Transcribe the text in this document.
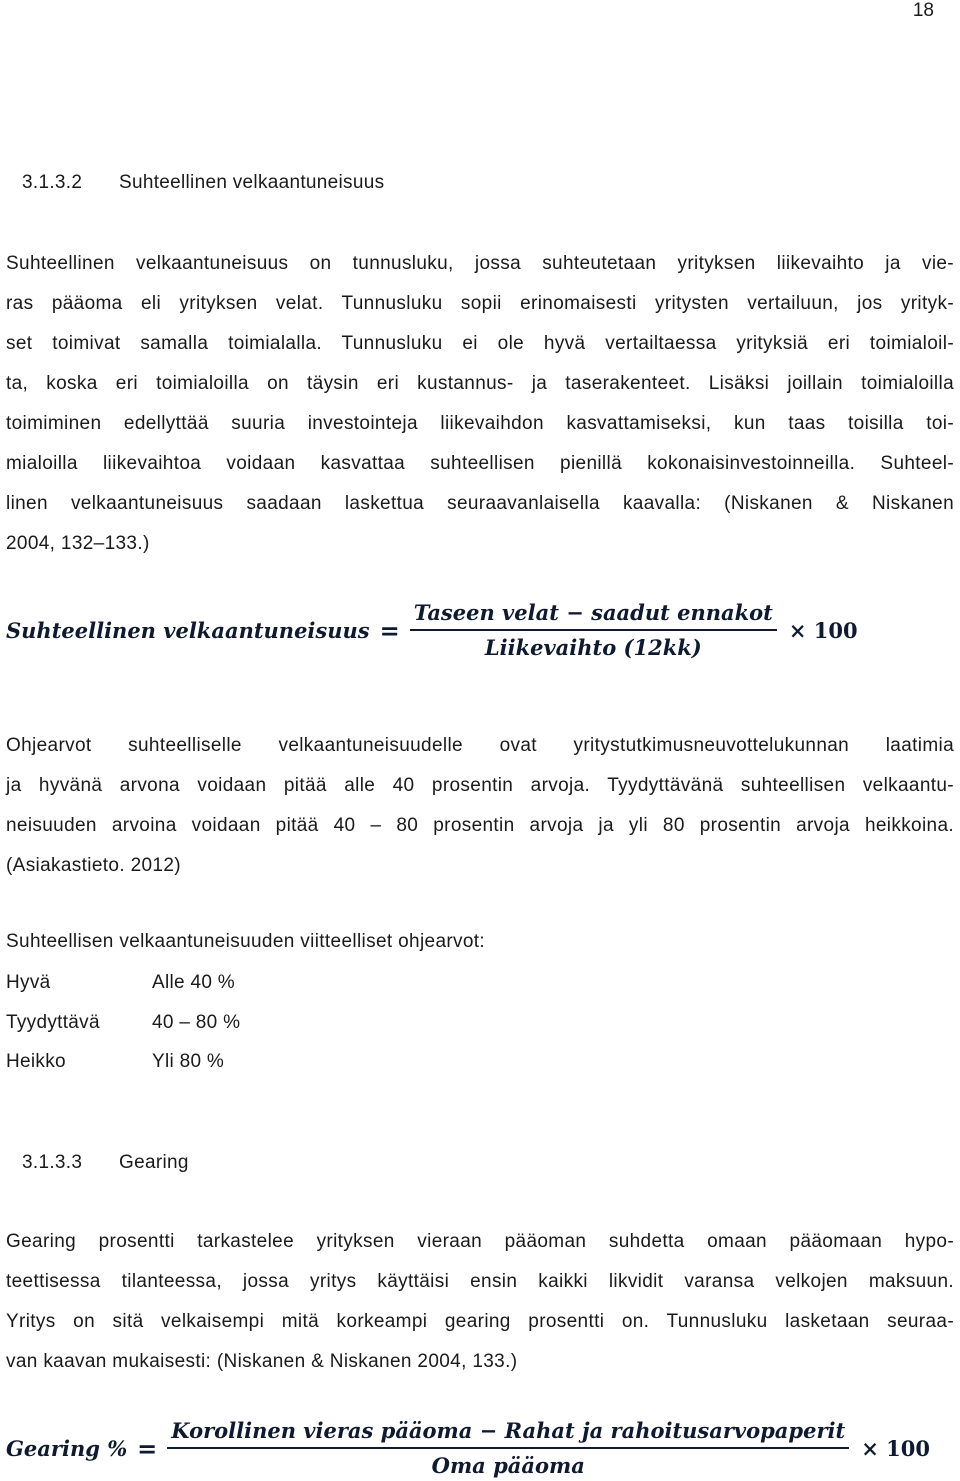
18
3.1.3.2 Suhteellinen velkaantuneisuus
Suhteellinen velkaantuneisuus on tunnusluku, jossa suhteutetaan yrityksen liikevaihto ja vie-
ras pääoma eli yrityksen velat. Tunnusluku sopii erinomaisesti yritysten vertailuun, jos yrityk-
set toimivat samalla toimialalla. Tunnusluku ei ole hyvä vertailtaessa yrityksiä eri toimialoil-
ta, koska eri toimialoilla on täysin eri kustannus- ja taserakenteet. Lisäksi joillain toimialoilla
toimiminen edellyttää suuria investointeja liikevaihdon kasvattamiseksi, kun taas toisilla toi-
mialoilla liikevaihtoa voidaan kasvattaa suhteellisen pienillä kokonaisinvestoinneilla. Suhteel-
linen velkaantuneisuus saadaan laskettua seuraavanlaisella kaavalla: (Niskanen & Niskanen
2004, 132–133.)
Suhteellinen velkaantuneisuus = $\frac{\text{Taseen velat − saadut ennakot}}{\text{Liikevaihto (12kk)}} \times 100$
Ohjearvot suhteelliselle velkaantuneisuudelle ovat yritystutkimusneuvottelukunnan laatimia
ja hyvänä arvona voidaan pitää alle 40 prosentin arvoja. Tyydyttävänä suhteellisen velkaantu-
neisuuden arvoina voidaan pitää 40 – 80 prosentin arvoja ja yli 80 prosentin arvoja heikkoina.
(Asiakastieto. 2012)
Suhteellisen velkaantuneisuuden viitteelliset ohjearvot:
Hyvä	Alle 40 %
Tyydyttävä	40 – 80 %
Heikko	Yli 80 %
3.1.3.3 Gearing
Gearing prosentti tarkastelee yrityksen vieraan pääoman suhdetta omaan pääomaan hypo-
teettisessa tilanteessa, jossa yritys käyttäisi ensin kaikki likvidit varansa velkojen maksuun.
Yritys on sitä velkaisempi mitä korkeampi gearing prosentti on. Tunnusluku lasketaan seuraa-
van kaavan mukaisesti: (Niskanen & Niskanen 2004, 133.)
Gearing % = $\frac{\text{Korollinen vieras pääoma − Rahat ja rahoitusarvopaperit}}{\text{Oma pääoma}} \times 100$
